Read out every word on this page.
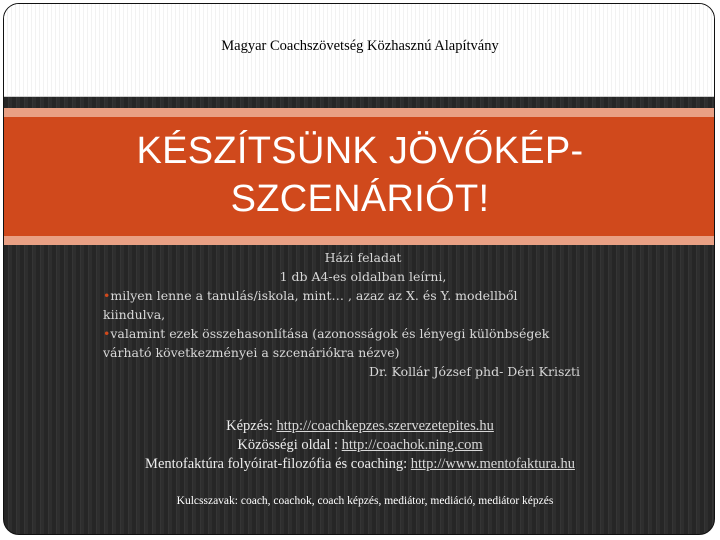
Magyar Coachszövetség Közhasznú Alapítvány
KÉSZÍTSÜNK JÖVŐKÉP-
SZCENÁRIÓT!
Házi feladat
1 db A4-es oldalban leírni,
•milyen lenne a tanulás/iskola, mint… , azaz az X. és Y. modellből
kiindulva,
•valamint ezek összehasonlítása (azonosságok és lényegi különbségek
várható következményei a szcenáriókra nézve)
Dr. Kollár József phd- Déri Kriszti
Képzés: http://coachkepzes.szervezetepites.hu
Közösségi oldal : http://coachok.ning.com
Mentofaktúra folyóirat-filozófia és coaching: http://www.mentofaktura.hu
Kulcsszavak: coach, coachok, coach képzés, mediátor, mediáció, mediátor képzés
